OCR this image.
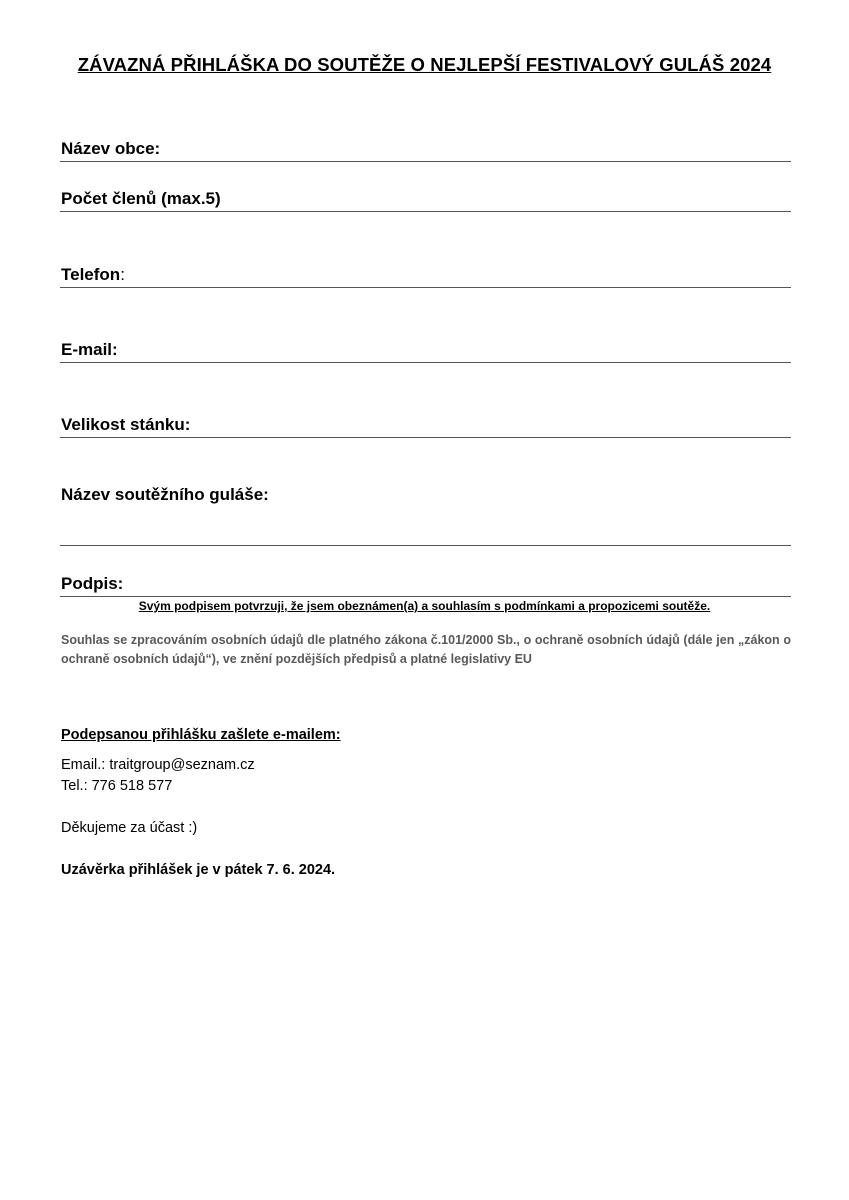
ZÁVAZNÁ PŘIHLÁŠKA DO SOUTĚŽE O NEJLEPŠÍ FESTIVALOVÝ GULÁŠ 2024
Název obce:
Počet členů (max.5)
Telefon:
E-mail:
Velikost stánku:
Název soutěžního guláše:
Podpis:
Svým podpisem potvrzuji, že jsem obeznámen(a) a souhlasím s podmínkami a propozicemi soutěže.
Souhlas se zpracováním osobních údajů dle platného zákona č.101/2000 Sb., o ochraně osobních údajů (dále jen „zákon o ochraně osobních údajů“), ve znění pozdějších předpisů a platné legislativy EU
Podepsanou přihlášku zašlete e-mailem:
Email.: traitgroup@seznam.cz
Tel.: 776 518 577
Děkujeme za účast :)
Uzávěrka přihlášek je v pátek 7. 6. 2024.
